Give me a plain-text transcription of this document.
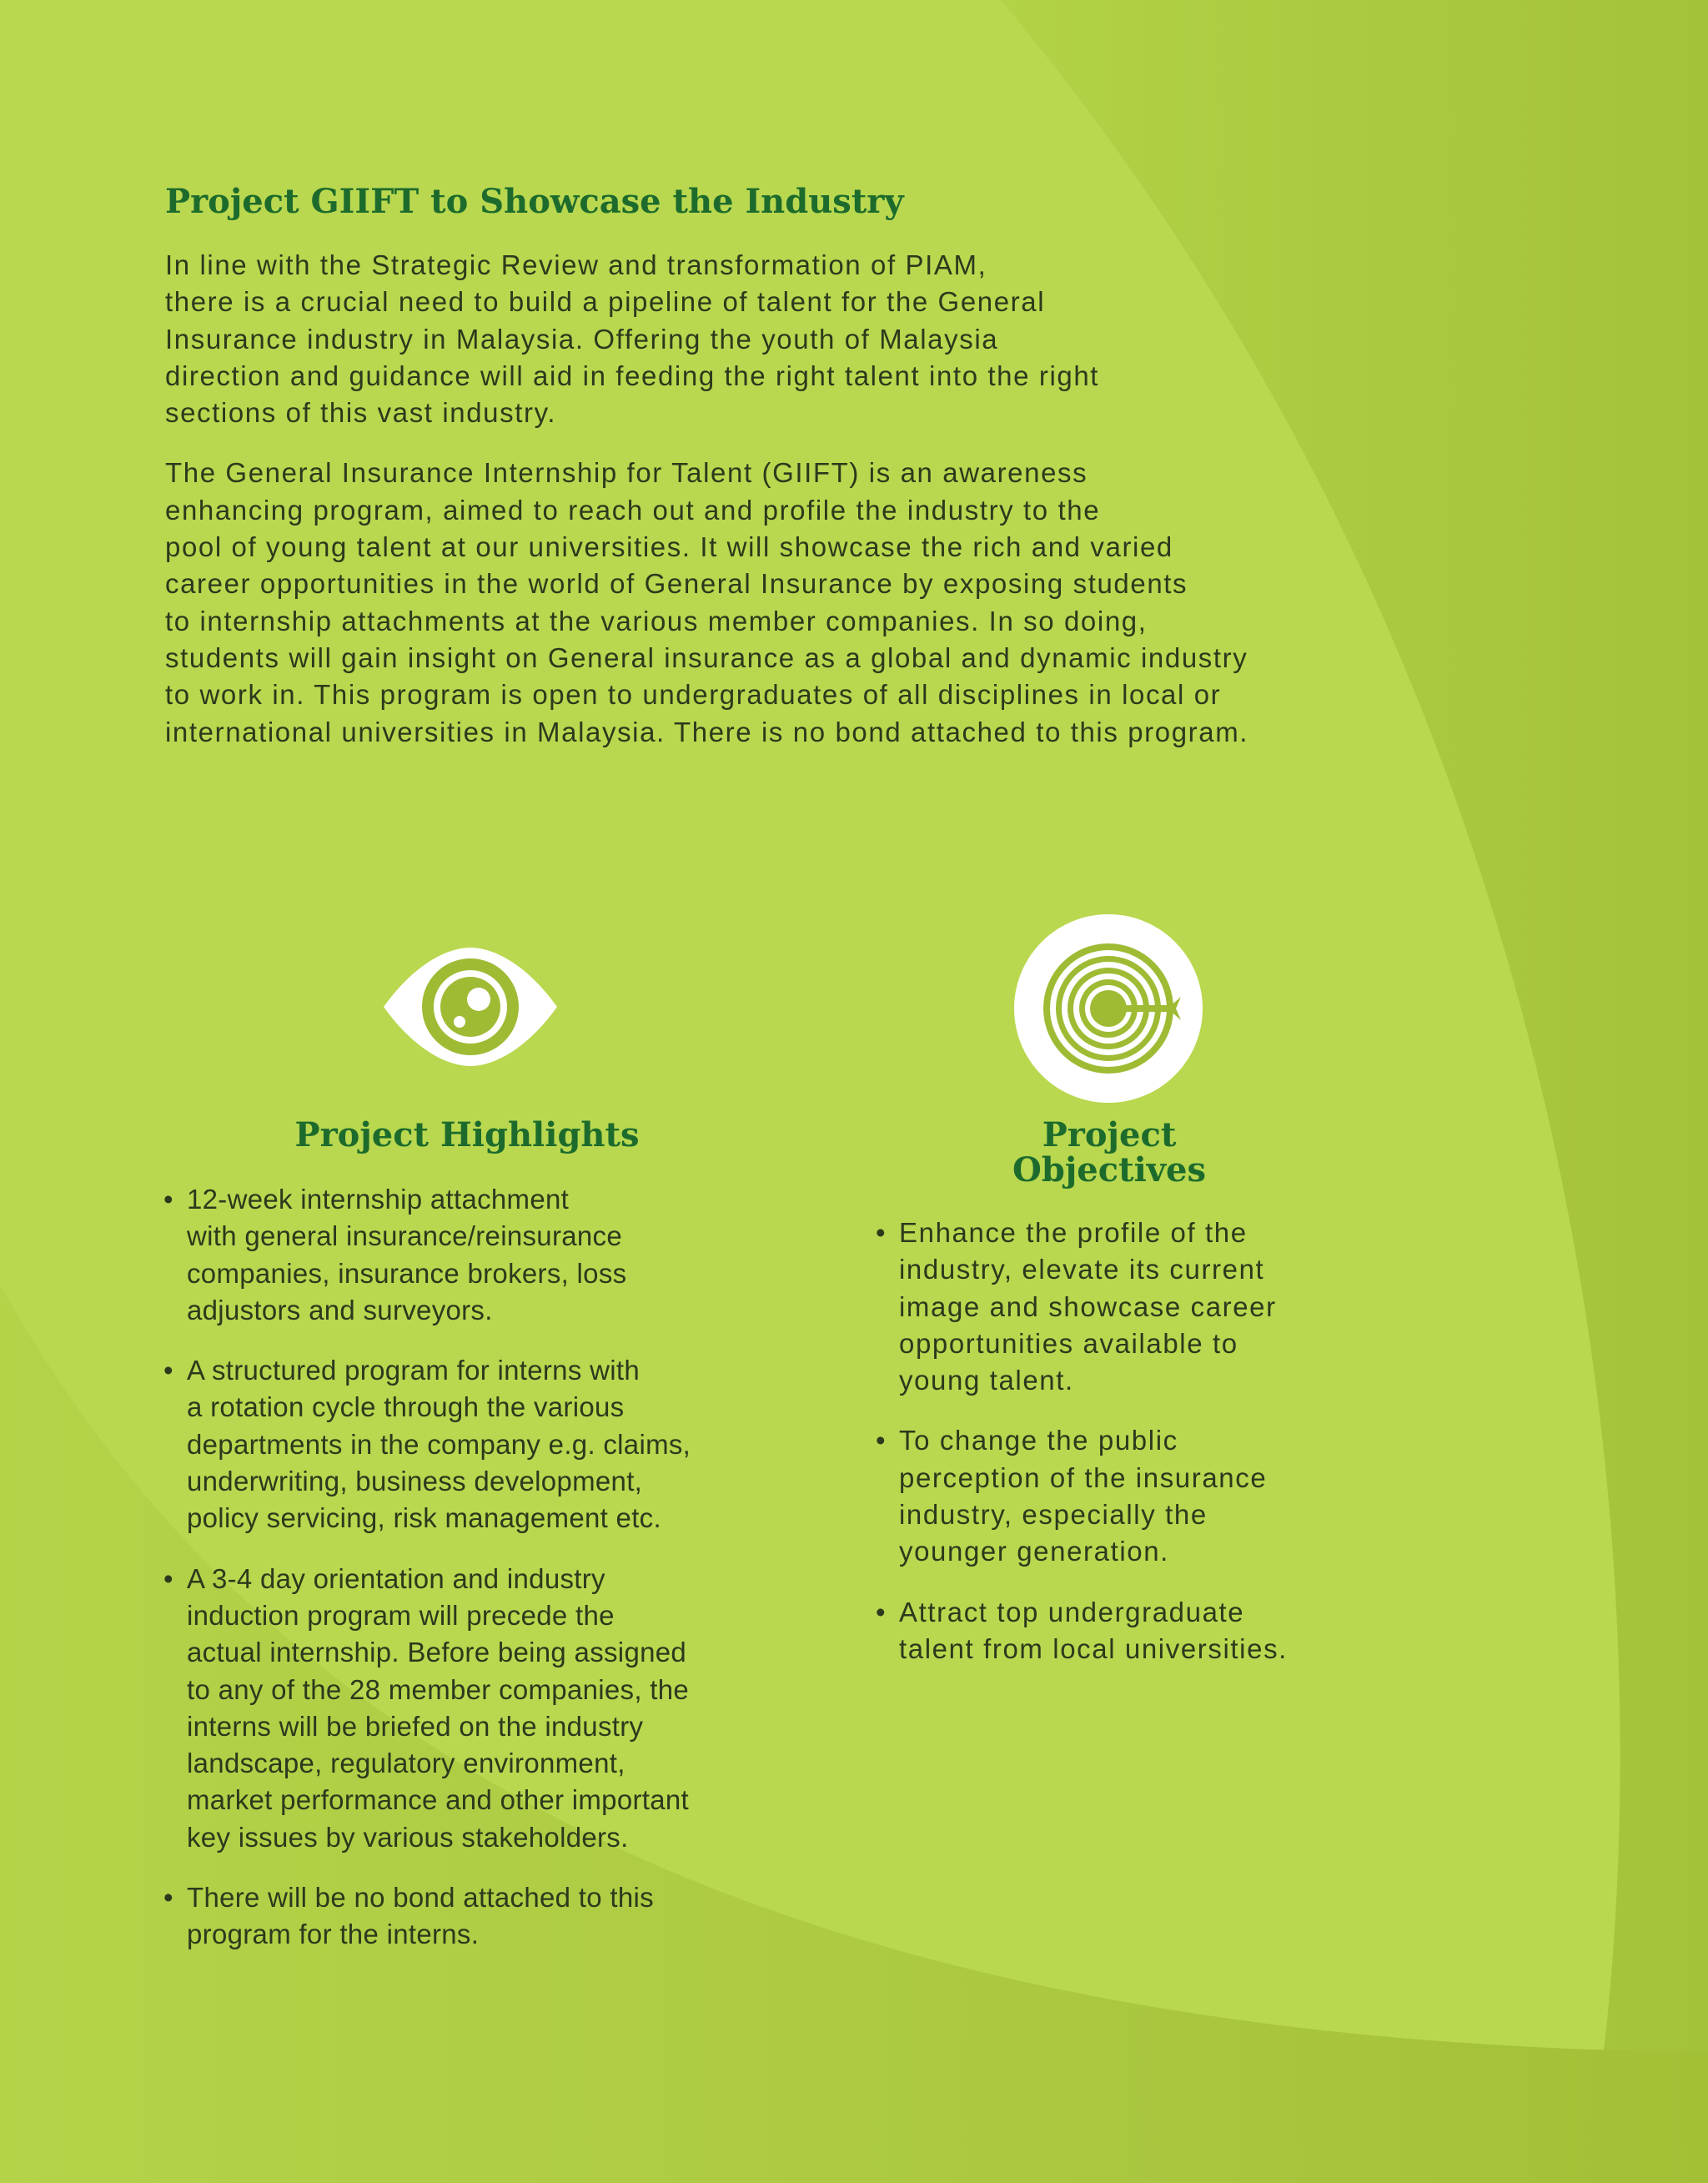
Project GIIFT to Showcase the Industry

In line with the Strategic Review and transformation of PIAM,
there is a crucial need to build a pipeline of talent for the General
Insurance industry in Malaysia. Offering the youth of Malaysia
direction and guidance will aid in feeding the right talent into the right
sections of this vast industry.

The General Insurance Internship for Talent (GIIFT) is an awareness
enhancing program, aimed to reach out and profile the industry to the
pool of young talent at our universities. It will showcase the rich and varied
career opportunities in the world of General Insurance by exposing students
to internship attachments at the various member companies. In so doing,
students will gain insight on General insurance as a global and dynamic industry
to work in. This program is open to undergraduates of all disciplines in local or
international universities in Malaysia. There is no bond attached to this program.

Project Highlights	Project
Objectives
• 12-week internship attachment
with general insurance/reinsurance
companies, insurance brokers, loss
adjustors and surveyors.
• A structured program for interns with
a rotation cycle through the various
departments in the company e.g. claims,
underwriting, business development,
policy servicing, risk management etc.
• A 3-4 day orientation and industry
induction program will precede the
actual internship. Before being assigned
to any of the 28 member companies, the
interns will be briefed on the industry
landscape, regulatory environment,
market performance and other important
key issues by various stakeholders.
• There will be no bond attached to this
program for the interns.
• Enhance the profile of the
industry, elevate its current
image and showcase career
opportunities available to
young talent.
• To change the public
perception of the insurance
industry, especially the
younger generation.
• Attract top undergraduate
talent from local universities.
